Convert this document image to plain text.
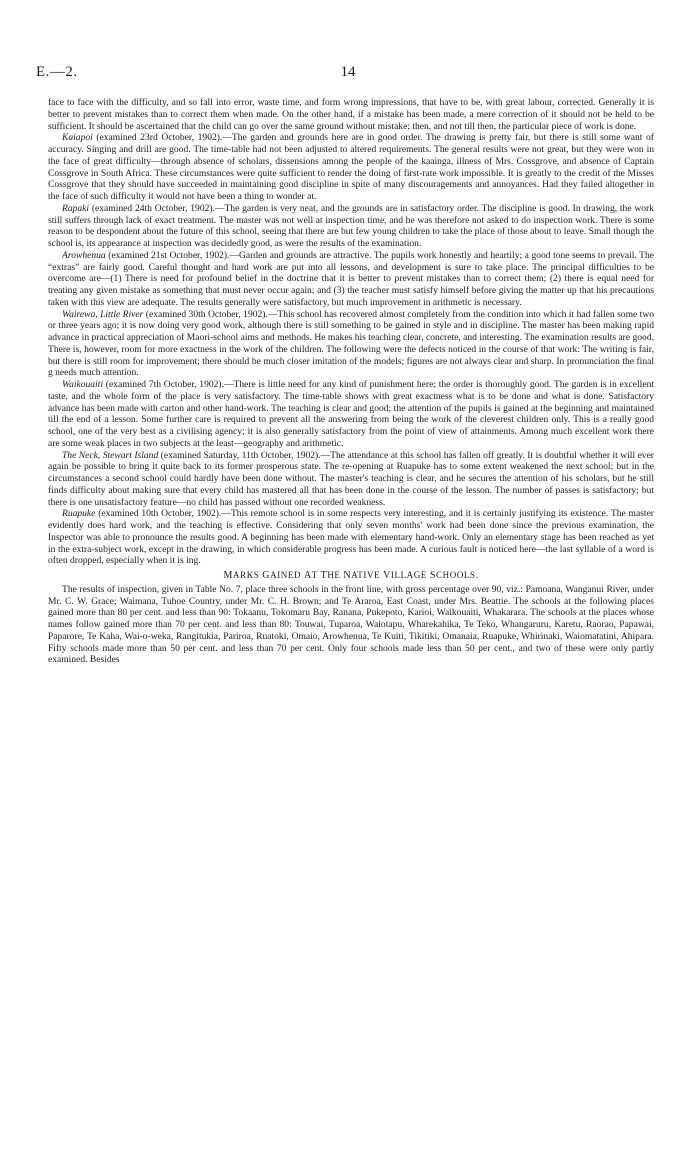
E.—2.	14

face to face with the difficulty, and so fall into error, waste time, and form wrong impressions, that have to be, with great labour, corrected. Generally it is better to prevent mistakes than to correct them when made. On the other hand, if a mistake has been made, a mere correction of it should not be held to be sufficient. It should be ascertained that the child can go over the same ground without mistake; then, and not till then, the particular piece of work is done.

Kaiapoi (examined 23rd October, 1902).—The garden and grounds here are in good order. The drawing is pretty fair, but there is still some want of accuracy. Singing and drill are good. The time-table had not been adjusted to altered requirements. The general results were not great, but they were won in the face of great difficulty—through absence of scholars, dissensions among the people of the kaainga, illness of Mrs. Cossgrove, and absence of Captain Cossgrove in South Africa. These circumstances were quite sufficient to render the doing of first-rate work impossible. It is greatly to the credit of the Misses Cossgrove that they should have succeeded in maintaining good discipline in spite of many discouragements and annoyances. Had they failed altogether in the face of such difficulty it would not have been a thing to wonder at.

Rapaki (examined 24th October, 1902).—The garden is very neat, and the grounds are in satisfactory order. The discipline is good. In drawing, the work still suffers through lack of exact treatment. The master was not well at inspection time, and he was therefore not asked to do inspection work. There is some reason to be despondent about the future of this school, seeing that there are but few young children to take the place of those about to leave. Small though the school is, its appearance at inspection was decidedly good, as were the results of the examination.

Arowhenua (examined 21st October, 1902).—Garden and grounds are attractive. The pupils work honestly and heartily; a good tone seems to prevail. The “extras” are fairly good. Careful thought and hard work are put into all lessons, and development is sure to take place. The principal difficulties to be overcome are—(1) There is need for profound belief in the doctrine that it is better to prevent mistakes than to correct them; (2) there is equal need for treating any given mistake as something that must never occur again; and (3) the teacher must satisfy himself before giving the matter up that his precautions taken with this view are adequate. The results generally were satisfactory, but much improvement in arithmetic is necessary.

Wairewa, Little River (examined 30th October, 1902).—This school has recovered almost completely from the condition into which it had fallen some two or three years ago; it is now doing very good work, although there is still something to be gained in style and in discipline. The master has been making rapid advance in practical appreciation of Maori-school aims and methods. He makes his teaching clear, concrete, and interesting. The examination results are good. There is, however, room for more exactness in the work of the children. The following were the defects noticed in the course of that work: The writing is fair, but there is still room for improvement; there should be much closer imitation of the models; figures are not always clear and sharp. In pronunciation the final g needs much attention.

Waikouaiti (examined 7th October, 1902).—There is little need for any kind of punishment here; the order is thoroughly good. The garden is in excellent taste, and the whole form of the place is very satisfactory. The time-table shows with great exactness what is to be done and what is done. Satisfactory advance has been made with carton and other hand-work. The teaching is clear and good; the attention of the pupils is gained at the beginning and maintained till the end of a lesson. Some further care is required to prevent all the answering from being the work of the cleverest children only. This is a really good school, one of the very best as a civilising agency; it is also generally satisfactory from the point of view of attainments. Among much excellent work there are some weak places in two subjects at the least—geography and arithmetic.

The Neck, Stewart Island (examined Saturday, 11th October, 1902).—The attendance at this school has fallen off greatly. It is doubtful whether it will ever again be possible to bring it quite back to its former prosperous state. The re-opening at Ruapuke has to some extent weakened the next school; but in the circumstances a second school could hardly have been done without. The master's teaching is clear, and he secures the attention of his scholars, but he still finds difficulty about making sure that every child has mastered all that has been done in the course of the lesson. The number of passes is satisfactory; but there is one unsatisfactory feature—no child has passed without one recorded weakness.

Ruapuke (examined 10th October, 1902).—This remote school is in some respects very interesting, and it is certainly justifying its existence. The master evidently does hard work, and the teaching is effective. Considering that only seven months' work had been done since the previous examination, the Inspector was able to pronounce the results good. A beginning has been made with elementary hand-work. Only an elementary stage has been reached as yet in the extra-subject work, except in the drawing, in which considerable progress has been made. A curious fault is noticed here—the last syllable of a word is often dropped, especially when it is ing.

MARKS GAINED AT THE NATIVE VILLAGE SCHOOLS.

The results of inspection, given in Table No. 7, place three schools in the front line, with gross percentage over 90, viz.: Pamoana, Wanganui River, under Mr. C. W. Grace; Waimana, Tuhoe Country, under Mr. C. H. Brown; and Te Araroa, East Coast, under Mrs. Beattie. The schools at the following places gained more than 80 per cent. and less than 90: Tokaanu, Tokomaru Bay, Ranana, Pukepoto, Karioi, Waikouaiti, Whakarara. The schools at the places whose names follow gained more than 70 per cent. and less than 80: Touwai, Tuparoa, Waiotapu, Wharekahika, Te Teko, Whangaruru, Karetu, Raorao, Papawai, Paparore, Te Kaha, Wai-o-weka, Rangitukia, Pariroa, Ruatoki, Omaio, Arowhenua, Te Kuiti, Tikitiki, Omanaia, Ruapuke, Whirinaki, Waiomatatini, Ahipara. Fifty schools made more than 50 per cent. and less than 70 per cent. Only four schools made less than 50 per cent., and two of these were only partly examined. Besides
